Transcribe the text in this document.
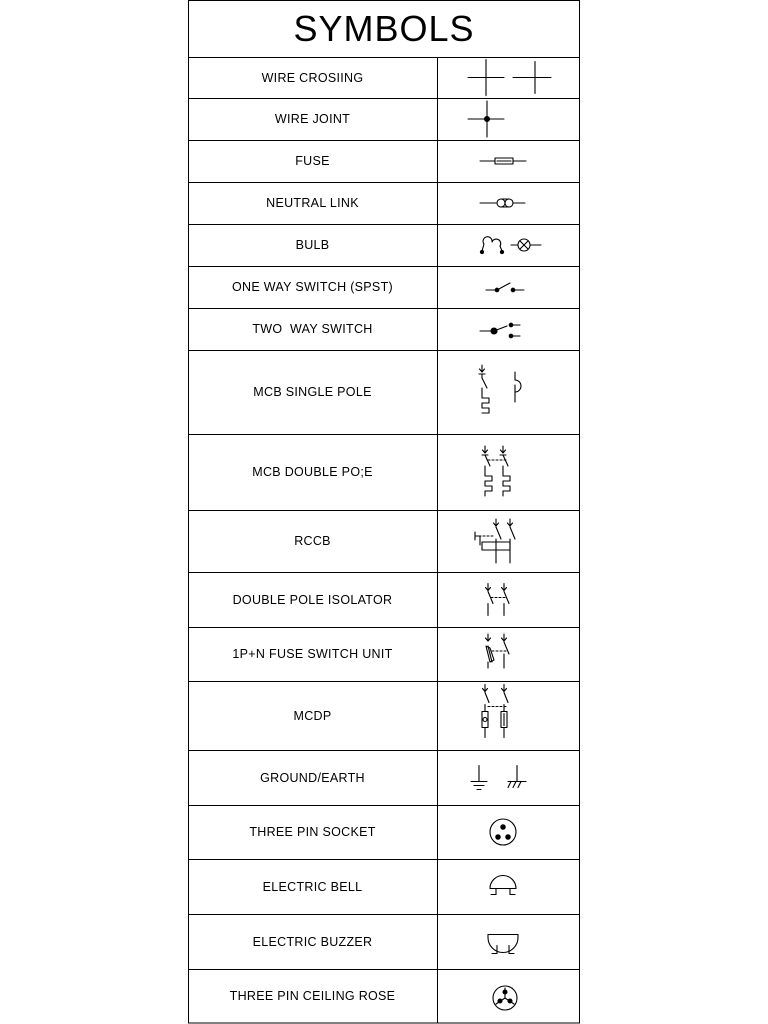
SYMBOLS
WIRE CROSIING
WIRE JOINT
FUSE
NEUTRAL LINK
BULB
ONE WAY SWITCH (SPST)
TWO  WAY SWITCH
MCB SINGLE POLE
MCB DOUBLE PO;E
RCCB
DOUBLE POLE ISOLATOR
1P+N FUSE SWITCH UNIT
MCDP
GROUND/EARTH
THREE PIN SOCKET
ELECTRIC BELL
ELECTRIC BUZZER
THREE PIN CEILING ROSE
